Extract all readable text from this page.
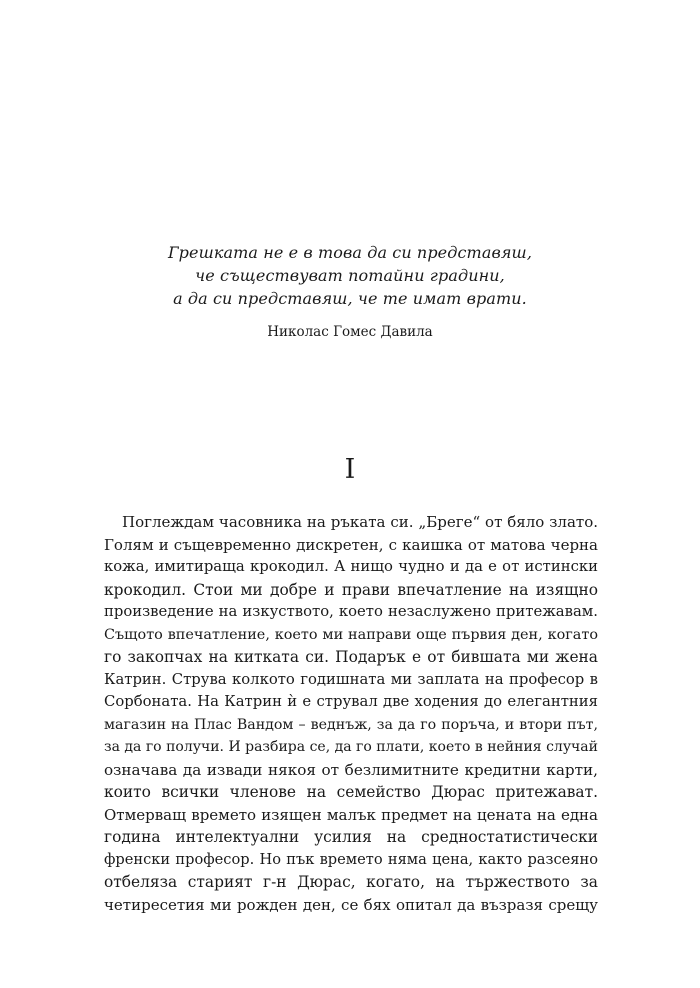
Грешката не е в това да си представяш,
че съществуват потайни градини,
а да си представяш, че те имат врати.
Николас Гомес Давила
I
Поглеждам часовника на ръката си. „Бреге“ от бяло злато.
Голям и същевременно дискретен, с каишка от матова черна
кожа, имитираща крокодил. А нищо чудно и да е от истински
крокодил. Стои ми добре и прави впечатление на изящно
произведение на изкуството, което незаслужено притежавам.
Същото впечатление, което ми направи още първия ден, когато
го закопчах на китката си. Подарък е от бившата ми жена
Катрин. Струва колкото годишната ми заплата на професор в
Сорбоната. На Катрин ѝ е струвал две ходения до елегантния
магазин на Плас Вандом – веднъж, за да го поръча, и втори път,
за да го получи. И разбира се, да го плати, което в нейния случай
означава да извади някоя от безлимитните кредитни карти,
които всички членове на семейство Дюрас притежават.
Отмерващ времето изящен малък предмет на цената на една
година интелектуални усилия на средностатистически
френски професор. Но пък времето няма цена, както разсеяно
отбеляза старият г-н Дюрас, когато, на тържеството за
четиресетия ми рожден ден, се бях опитал да възразя срещу
